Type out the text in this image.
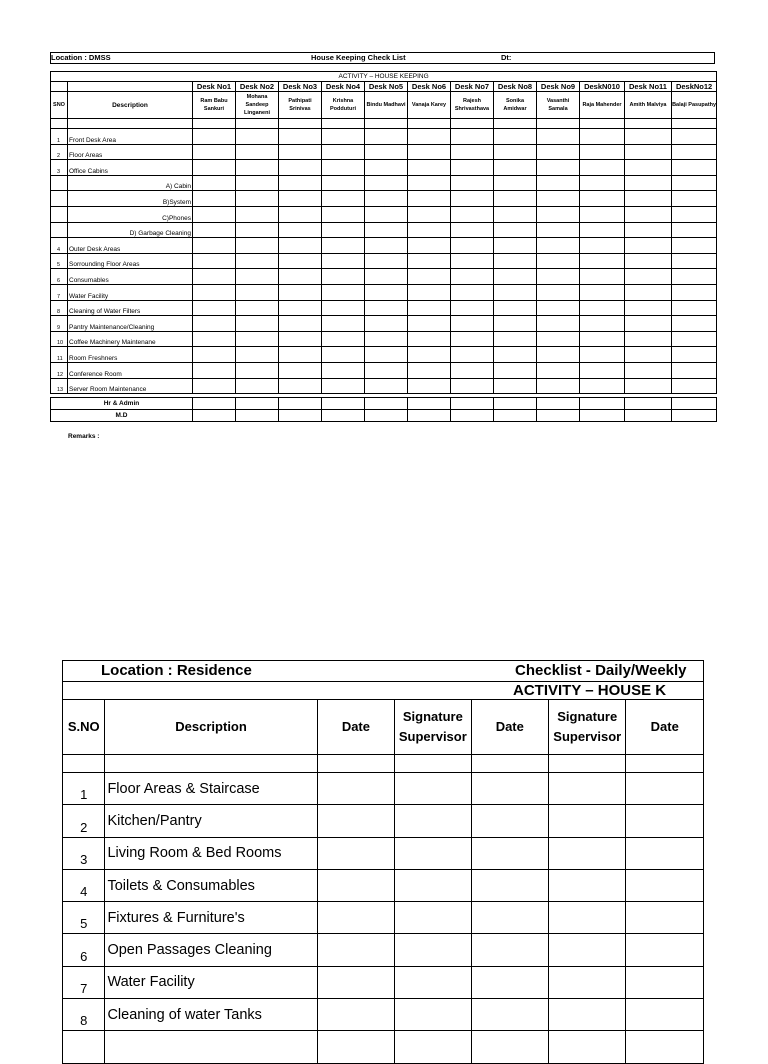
Location : DMSS	House Keeping Check List	Dt:
ACTIVITY – HOUSE KEEPING													
		Desk No1	Desk No2	Desk No3	Desk No4	Desk No5	Desk No6	Desk No7	Desk No8	Desk No9	DeskN010	Desk No11	DeskNo12
SNO	Description	Ram Babu Sankuri	Mohana Sandeep Linganeni	Pathipati Srinivas	Krishna Podduturi	Bindu Madhavi	Vanaja Karey	Rajesh Shrivasthava	Sonika Amidwar	Vasanthi Samala	Raja Mahender	Amith Malviya	Balaji Pasupathy

1	Front Desk Area												
2	Floor Areas												
3	Office Cabins												
	A) Cabin												
	B)System												
	C)Phones												
	D) Garbage Cleaning												
4	Outer Desk Areas												
5	Sorrounding Floor Areas												
6	Consumables												
7	Water Facility												
8	Cleaning of Water Filters												
9	Pantry Maintenance/Cleaning												
10	Coffee Machinery Maintenane												
11	Room Freshners												
12	Conference Room												
13	Server Room Maintenance												
Hr & Admin												
M.D												
Remarks :
Location : Residence				Checklist - Daily/Weekly		
ACTIVITY – HOUSE K						
S.NO	Description	Date	Signature Supervisor	Date	Signature Supervisor	Date

1	Floor Areas & Staircase					
2	Kitchen/Pantry					
3	Living Room & Bed Rooms					
4	Toilets & Consumables					
5	Fixtures & Furniture's					
6	Open Passages Cleaning					
7	Water Facility					
8	Cleaning of water Tanks					
